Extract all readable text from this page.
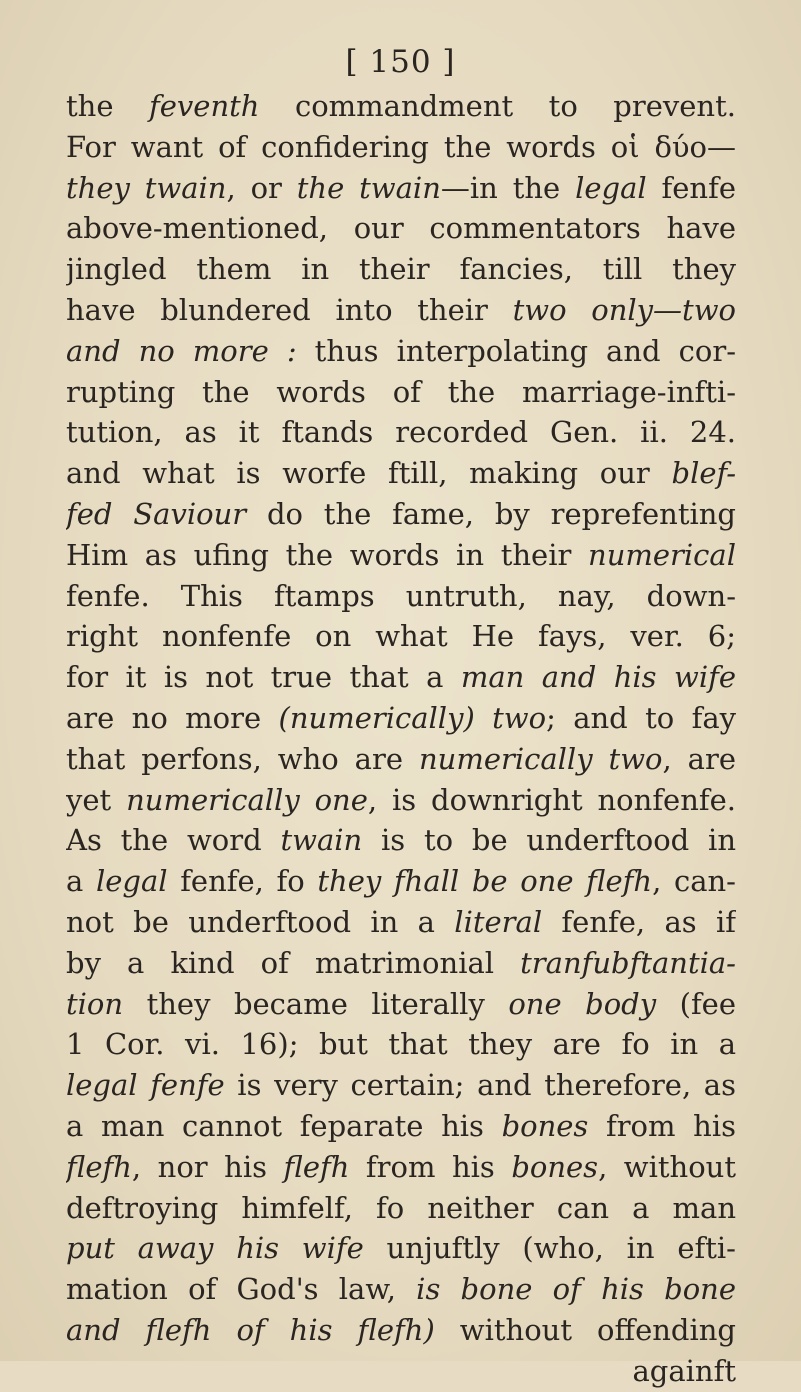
[ 150 ]
the feventh commandment to prevent.
For want of confidering the words οἱ δύο—
they twain, or the twain—in the legal fenfe
above-mentioned, our commentators have
jingled them in their fancies, till they
have blundered into their two only—two
and no more : thus interpolating and cor-
rupting the words of the marriage-infti-
tution, as it ftands recorded Gen. ii. 24.
and what is worfe ftill, making our blef-
fed Saviour do the fame, by reprefenting
Him as ufing the words in their numerical
fenfe. This ftamps untruth, nay, down-
right nonfenfe on what He fays, ver. 6;
for it is not true that a man and his wife
are no more (numerically) two; and to fay
that perfons, who are numerically two, are
yet numerically one, is downright nonfenfe.
As the word twain is to be underftood in
a legal fenfe, fo they fhall be one flefh, can-
not be underftood in a literal fenfe, as if
by a kind of matrimonial tranfubftantia-
tion they became literally one body (fee
1 Cor. vi. 16); but that they are fo in a
legal fenfe is very certain; and therefore, as
a man cannot feparate his bones from his
flefh, nor his flefh from his bones, without
deftroying himfelf, fo neither can a man
put away his wife unjuftly (who, in efti-
mation of God's law, is bone of his bone
and flefh of his flefh) without offending
againft
